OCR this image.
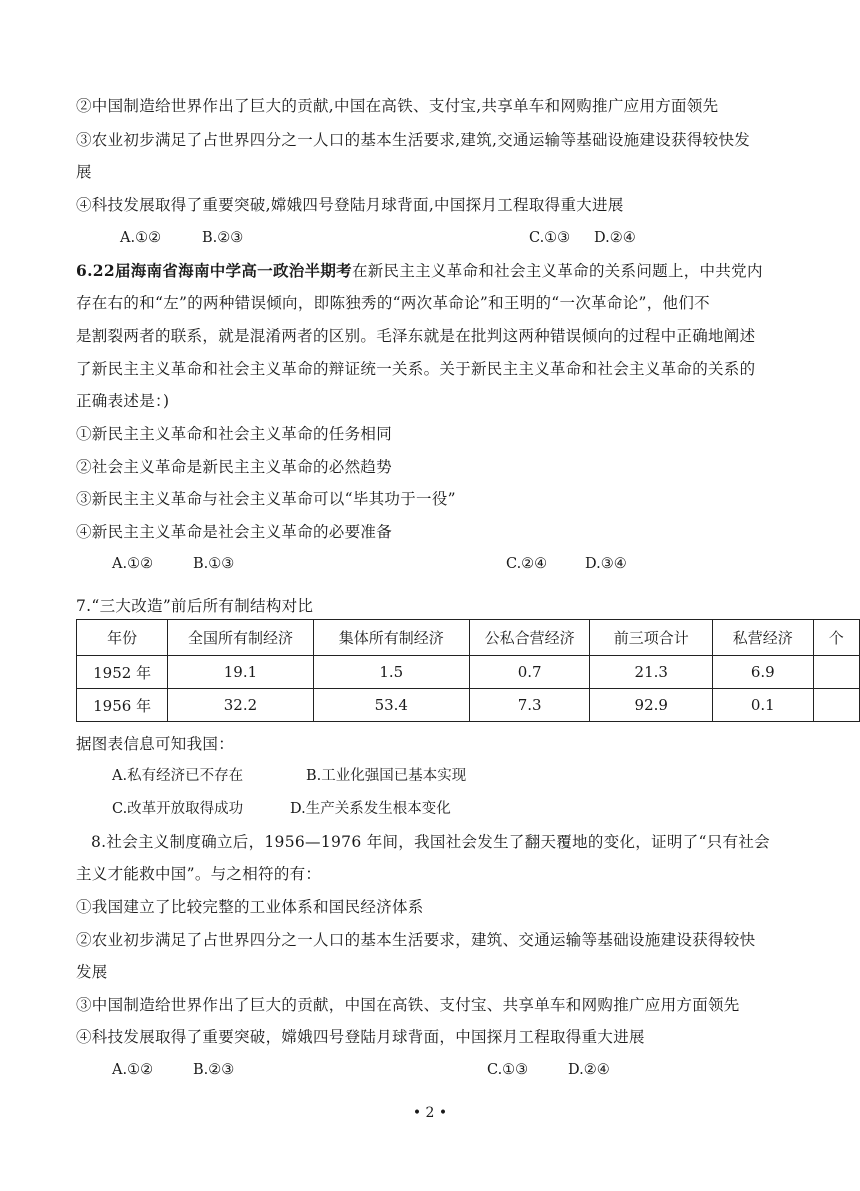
②中国制造给世界作出了巨大的贡献,中国在高铁、支付宝,共享单车和网购推广应用方面领先
③农业初步满足了占世界四分之一人口的基本生活要求,建筑,交通运输等基础设施建设获得较快发
展
④科技发展取得了重要突破,嫦娥四号登陆月球背面,中国探月工程取得重大进展
A.①②	B.②③	C.①③ D.②④
6.22届海南省海南中学高一政治半期考在新民主主义革命和社会主义革命的关系问题上，中共党内
存在右的和“左”的两种错误倾向，即陈独秀的“两次革命论”和王明的“一次革命论”，他们不
是割裂两者的联系，就是混淆两者的区别。毛泽东就是在批判这两种错误倾向的过程中正确地阐述
了新民主主义革命和社会主义革命的辩证统一关系。关于新民主主义革命和社会主义革命的关系的
正确表述是：)
①新民主主义革命和社会主义革命的任务相同
②社会主义革命是新民主主义革命的必然趋势
③新民主主义革命与社会主义革命可以“毕其功于一役”
④新民主主义革命是社会主义革命的必要准备
A.①②	B.①③	C.②④	D.③④
7.“三大改造”前后所有制结构对比
年份	全国所有制经济	集体所有制经济	公私合营经济	前三项合计	私营经济	个
1952 年	19.1	1.5	0.7	21.3	6.9	
1956 年	32.2	53.4	7.3	92.9	0.1	
据图表信息可知我国：
A.私有经济已不存在	B.工业化强国已基本实现
C.改革开放取得成功	D.生产关系发生根本变化
8.社会主义制度确立后，1956—1976 年间，我国社会发生了翻天覆地的变化，证明了“只有社会
主义才能救中国”。与之相符的有：
①我国建立了比较完整的工业体系和国民经济体系
②农业初步满足了占世界四分之一人口的基本生活要求，建筑、交通运输等基础设施建设获得较快
发展
③中国制造给世界作出了巨大的贡献，中国在高铁、支付宝、共享单车和网购推广应用方面领先
④科技发展取得了重要突破，嫦娥四号登陆月球背面，中国探月工程取得重大进展
A.①②	B.②③	C.①③	D.②④
• 2 •
